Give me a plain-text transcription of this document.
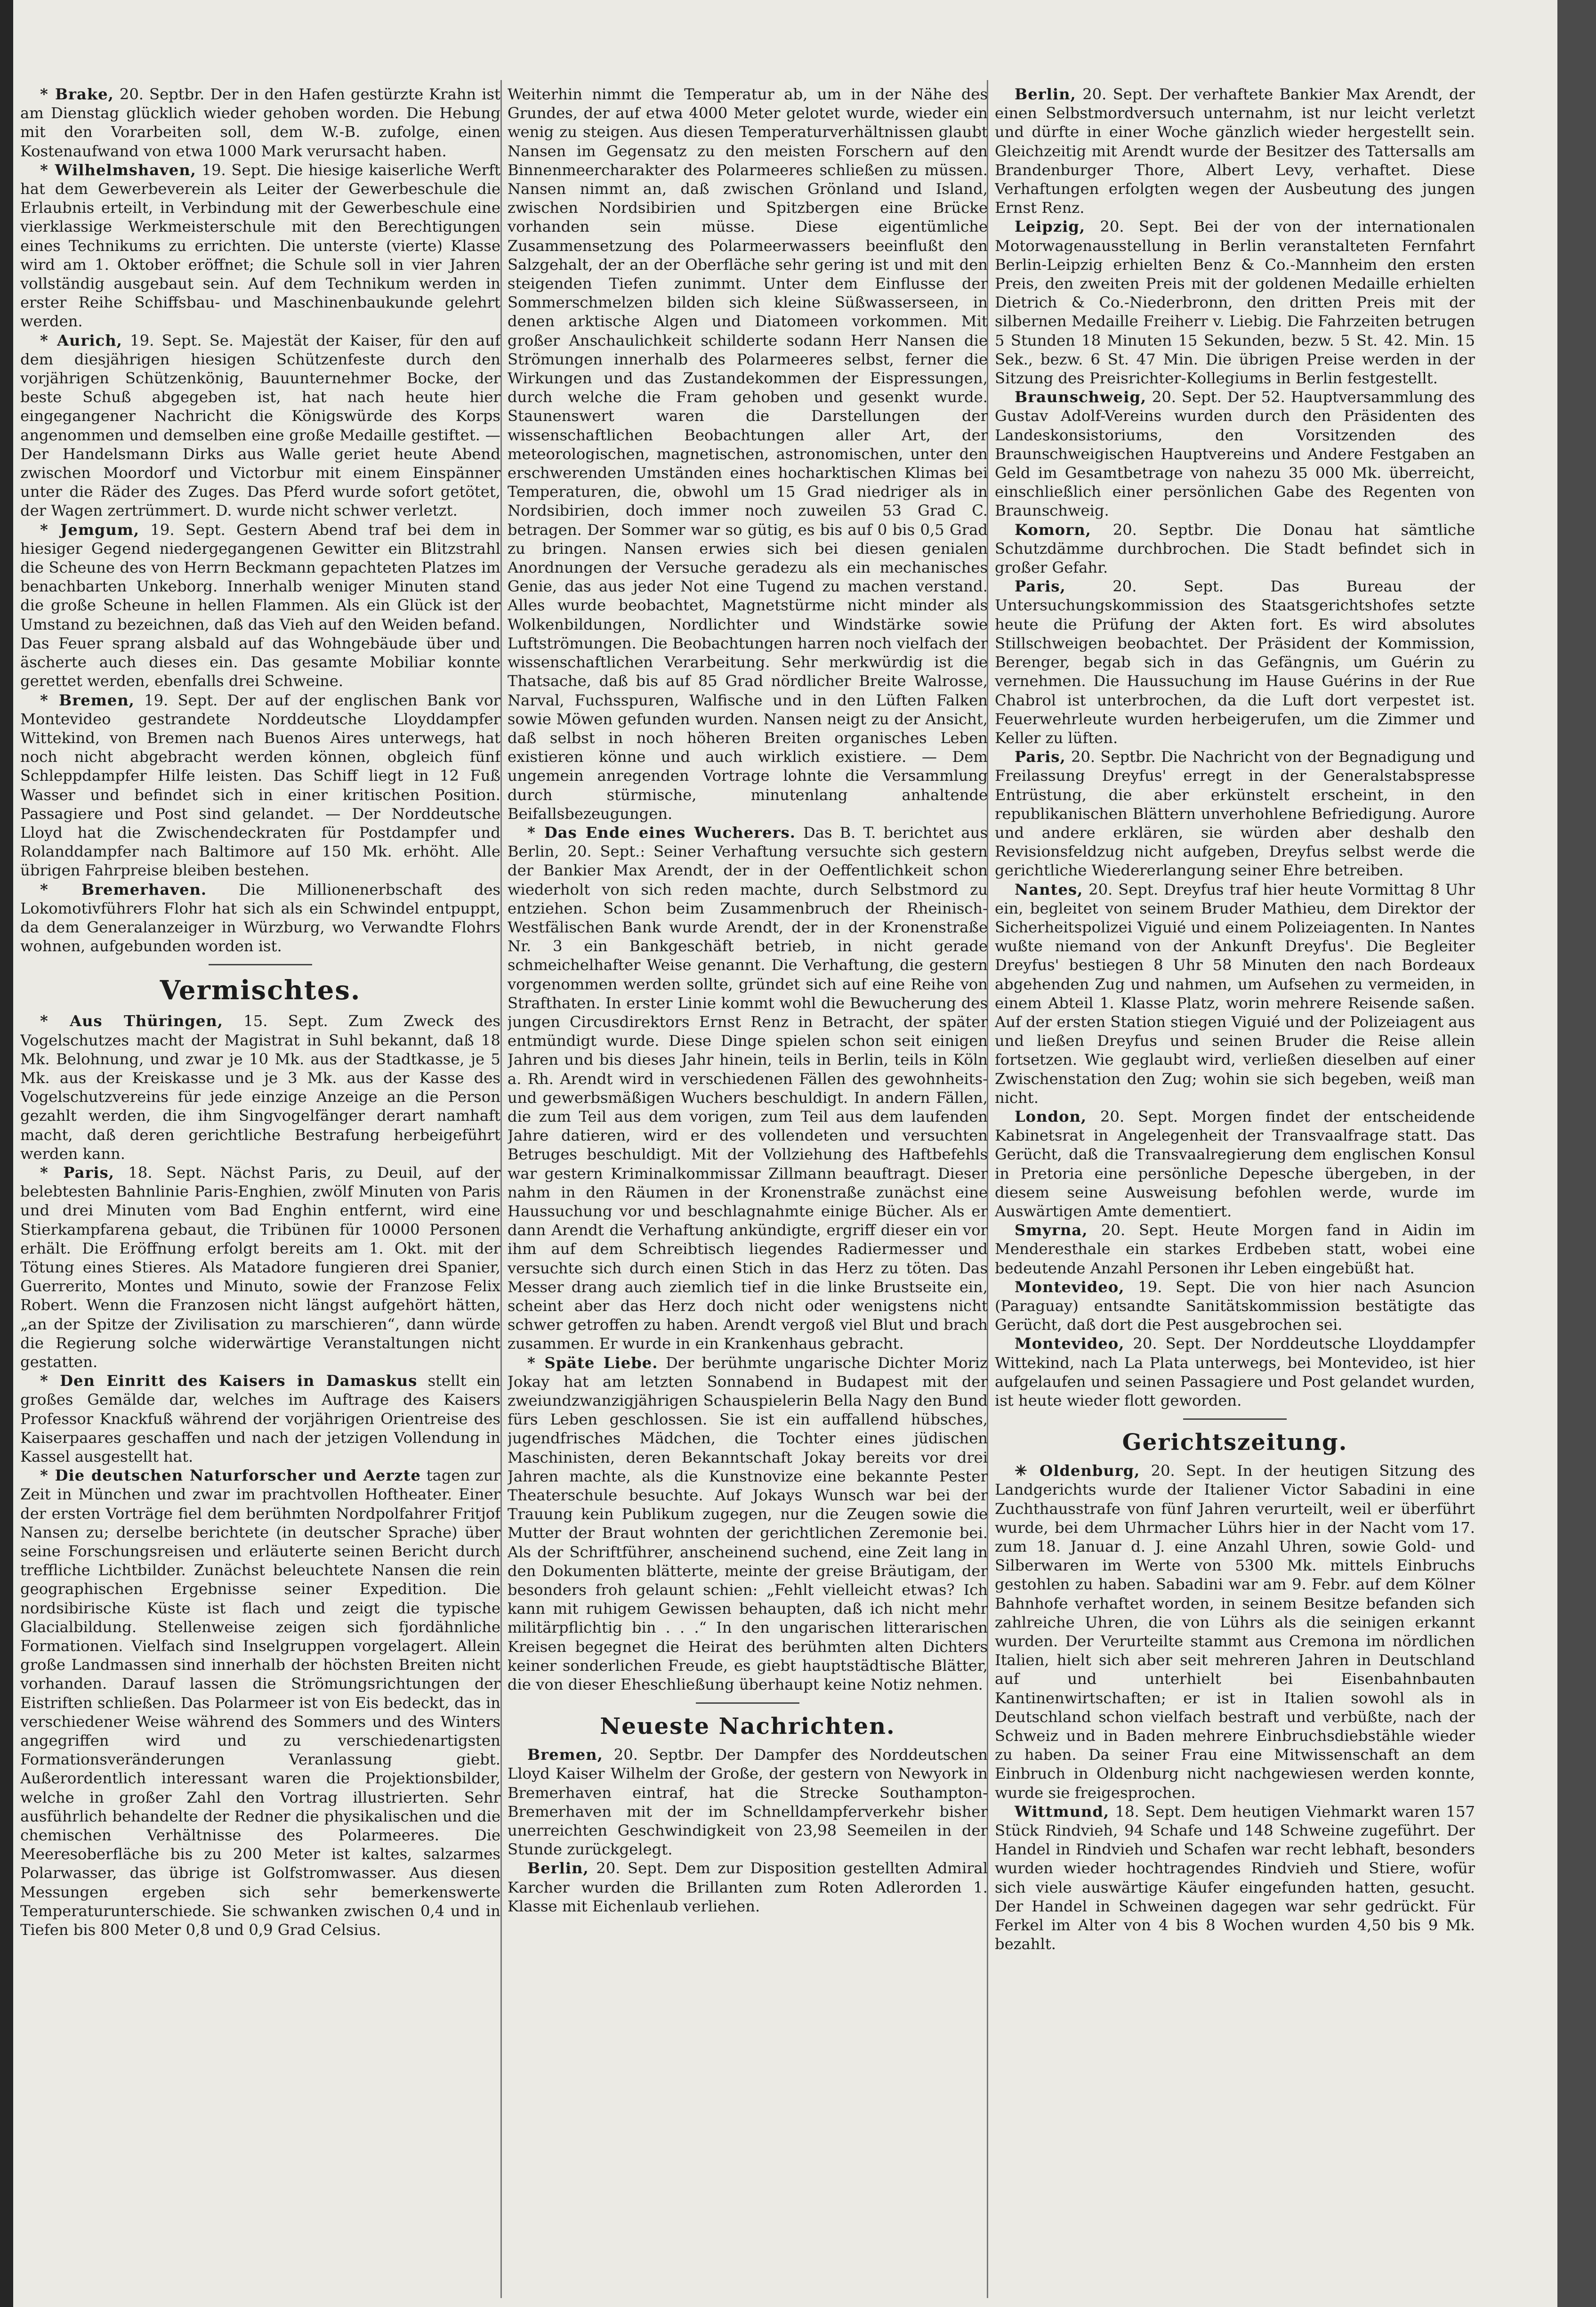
* Brake, 20. Septbr. Der in den Hafen gestürzte Krahn ist am Dienstag glücklich wieder gehoben worden. Die Hebung mit den Vorarbeiten soll, dem W.-B. zufolge, einen Kostenaufwand von etwa 1000 Mark verursacht haben.

* Wilhelmshaven, 19. Sept. Die hiesige kaiserliche Werft hat dem Gewerbeverein als Leiter der Gewerbeschule die Erlaubnis erteilt, in Verbindung mit der Gewerbeschule eine vierklassige Werkmeisterschule mit den Berechtigungen eines Technikums zu errichten. Die unterste (vierte) Klasse wird am 1. Oktober eröffnet; die Schule soll in vier Jahren vollständig ausgebaut sein. Auf dem Technikum werden in erster Reihe Schiffsbau- und Maschinenbaukunde gelehrt werden.

* Aurich, 19. Sept. Se. Majestät der Kaiser, für den auf dem diesjährigen hiesigen Schützenfeste durch den vorjährigen Schützenkönig, Bauunternehmer Bocke, der beste Schuß abgegeben ist, hat nach heute hier eingegangener Nachricht die Königswürde des Korps angenommen und demselben eine große Medaille gestiftet. — Der Handelsmann Dirks aus Walle geriet heute Abend zwischen Moordorf und Victorbur mit einem Einspänner unter die Räder des Zuges. Das Pferd wurde sofort getötet, der Wagen zertrümmert. D. wurde nicht schwer verletzt.

* Jemgum, 19. Sept. Gestern Abend traf bei dem in hiesiger Gegend niedergegangenen Gewitter ein Blitzstrahl die Scheune des von Herrn Beckmann gepachteten Platzes im benachbarten Unkeborg. Innerhalb weniger Minuten stand die große Scheune in hellen Flammen. Als ein Glück ist der Umstand zu bezeichnen, daß das Vieh auf den Weiden befand. Das Feuer sprang alsbald auf das Wohngebäude über und äscherte auch dieses ein. Das gesamte Mobiliar konnte gerettet werden, ebenfalls drei Schweine.

* Bremen, 19. Sept. Der auf der englischen Bank vor Montevideo gestrandete Norddeutsche Lloyddampfer Wittekind, von Bremen nach Buenos Aires unterwegs, hat noch nicht abgebracht werden können, obgleich fünf Schleppdampfer Hilfe leisten. Das Schiff liegt in 12 Fuß Wasser und befindet sich in einer kritischen Position. Passagiere und Post sind gelandet. — Der Norddeutsche Lloyd hat die Zwischendeckraten für Postdampfer und Rolanddampfer nach Baltimore auf 150 Mk. erhöht. Alle übrigen Fahrpreise bleiben bestehen.

* Bremerhaven. Die Millionenerbschaft des Lokomotivführers Flohr hat sich als ein Schwindel entpuppt, da dem Generalanzeiger in Würzburg, wo Verwandte Flohrs wohnen, aufgebunden worden ist.

Vermischtes.

* Aus Thüringen, 15. Sept. Zum Zweck des Vogelschutzes macht der Magistrat in Suhl bekannt, daß 18 Mk. Belohnung, und zwar je 10 Mk. aus der Stadtkasse, je 5 Mk. aus der Kreiskasse und je 3 Mk. aus der Kasse des Vogelschutzvereins für jede einzige Anzeige an die Person gezahlt werden, die ihm Singvogelfänger derart namhaft macht, daß deren gerichtliche Bestrafung herbeigeführt werden kann.

* Paris, 18. Sept. Nächst Paris, zu Deuil, auf der belebtesten Bahnlinie Paris-Enghien, zwölf Minuten von Paris und drei Minuten vom Bad Enghin entfernt, wird eine Stierkampfarena gebaut, die Tribünen für 10000 Personen erhält. Die Eröffnung erfolgt bereits am 1. Okt. mit der Tötung eines Stieres. Als Matadore fungieren drei Spanier, Guerrerito, Montes und Minuto, sowie der Franzose Felix Robert. Wenn die Franzosen nicht längst aufgehört hätten, „an der Spitze der Zivilisation zu marschieren“, dann würde die Regierung solche widerwärtige Veranstaltungen nicht gestatten.

* Den Einritt des Kaisers in Damaskus stellt ein großes Gemälde dar, welches im Auftrage des Kaisers Professor Knackfuß während der vorjährigen Orientreise des Kaiserpaares geschaffen und nach der jetzigen Vollendung in Kassel ausgestellt hat.

* Die deutschen Naturforscher und Aerzte tagen zur Zeit in München und zwar im prachtvollen Hoftheater. Einer der ersten Vorträge fiel dem berühmten Nordpolfahrer Fritjof Nansen zu; derselbe berichtete (in deutscher Sprache) über seine Forschungsreisen und erläuterte seinen Bericht durch treffliche Lichtbilder. Zunächst beleuchtete Nansen die rein geographischen Ergebnisse seiner Expedition. Die nordsibirische Küste ist flach und zeigt die typische Glacialbildung. Stellenweise zeigen sich fjordähnliche Formationen. Vielfach sind Inselgruppen vorgelagert. Allein große Landmassen sind innerhalb der höchsten Breiten nicht vorhanden. Darauf lassen die Strömungsrichtungen der Eistriften schließen. Das Polarmeer ist von Eis bedeckt, das in verschiedener Weise während des Sommers und des Winters angegriffen wird und zu verschiedenartigsten Formationsveränderungen Veranlassung giebt. Außerordentlich interessant waren die Projektionsbilder, welche in großer Zahl den Vortrag illustrierten. Sehr ausführlich behandelte der Redner die physikalischen und die chemischen Verhältnisse des Polarmeeres. Die Meeresoberfläche bis zu 200 Meter ist kaltes, salzarmes Polarwasser, das übrige ist Golfstromwasser. Aus diesen Messungen ergeben sich sehr bemerkenswerte Temperaturunterschiede. Sie schwanken zwischen 0,4 und in Tiefen bis 800 Meter 0,8 und 0,9 Grad Celsius.

Weiterhin nimmt die Temperatur ab, um in der Nähe des Grundes, der auf etwa 4000 Meter gelotet wurde, wieder ein wenig zu steigen. Aus diesen Temperaturverhältnissen glaubt Nansen im Gegensatz zu den meisten Forschern auf den Binnenmeercharakter des Polarmeeres schließen zu müssen. Nansen nimmt an, daß zwischen Grönland und Island, zwischen Nordsibirien und Spitzbergen eine Brücke vorhanden sein müsse. Diese eigentümliche Zusammensetzung des Polarmeerwassers beeinflußt den Salzgehalt, der an der Oberfläche sehr gering ist und mit den steigenden Tiefen zunimmt. Unter dem Einflusse der Sommerschmelzen bilden sich kleine Süßwasserseen, in denen arktische Algen und Diatomeen vorkommen. Mit großer Anschaulichkeit schilderte sodann Herr Nansen die Strömungen innerhalb des Polarmeeres selbst, ferner die Wirkungen und das Zustandekommen der Eispressungen, durch welche die Fram gehoben und gesenkt wurde. Staunenswert waren die Darstellungen der wissenschaftlichen Beobachtungen aller Art, der meteorologischen, magnetischen, astronomischen, unter den erschwerenden Umständen eines hocharktischen Klimas bei Temperaturen, die, obwohl um 15 Grad niedriger als in Nordsibirien, doch immer noch zuweilen 53 Grad C. betragen. Der Sommer war so gütig, es bis auf 0 bis 0,5 Grad zu bringen. Nansen erwies sich bei diesen genialen Anordnungen der Versuche geradezu als ein mechanisches Genie, das aus jeder Not eine Tugend zu machen verstand. Alles wurde beobachtet, Magnetstürme nicht minder als Wolkenbildungen, Nordlichter und Windstärke sowie Luftströmungen. Die Beobachtungen harren noch vielfach der wissenschaftlichen Verarbeitung. Sehr merkwürdig ist die Thatsache, daß bis auf 85 Grad nördlicher Breite Walrosse, Narval, Fuchsspuren, Walfische und in den Lüften Falken sowie Möwen gefunden wurden. Nansen neigt zu der Ansicht, daß selbst in noch höheren Breiten organisches Leben existieren könne und auch wirklich existiere. — Dem ungemein anregenden Vortrage lohnte die Versammlung durch stürmische, minutenlang anhaltende Beifallsbezeugungen.

* Das Ende eines Wucherers. Das B. T. berichtet aus Berlin, 20. Sept.: Seiner Verhaftung versuchte sich gestern der Bankier Max Arendt, der in der Oeffentlichkeit schon wiederholt von sich reden machte, durch Selbstmord zu entziehen. Schon beim Zusammenbruch der Rheinisch-Westfälischen Bank wurde Arendt, der in der Kronenstraße Nr. 3 ein Bankgeschäft betrieb, in nicht gerade schmeichelhafter Weise genannt. Die Verhaftung, die gestern vorgenommen werden sollte, gründet sich auf eine Reihe von Strafthaten. In erster Linie kommt wohl die Bewucherung des jungen Circusdirektors Ernst Renz in Betracht, der später entmündigt wurde. Diese Dinge spielen schon seit einigen Jahren und bis dieses Jahr hinein, teils in Berlin, teils in Köln a. Rh. Arendt wird in verschiedenen Fällen des gewohnheits- und gewerbsmäßigen Wuchers beschuldigt. In andern Fällen, die zum Teil aus dem vorigen, zum Teil aus dem laufenden Jahre datieren, wird er des vollendeten und versuchten Betruges beschuldigt. Mit der Vollziehung des Haftbefehls war gestern Kriminalkommissar Zillmann beauftragt. Dieser nahm in den Räumen in der Kronenstraße zunächst eine Haussuchung vor und beschlagnahmte einige Bücher. Als er dann Arendt die Verhaftung ankündigte, ergriff dieser ein vor ihm auf dem Schreibtisch liegendes Radiermesser und versuchte sich durch einen Stich in das Herz zu töten. Das Messer drang auch ziemlich tief in die linke Brustseite ein, scheint aber das Herz doch nicht oder wenigstens nicht schwer getroffen zu haben. Arendt vergoß viel Blut und brach zusammen. Er wurde in ein Krankenhaus gebracht.

* Späte Liebe. Der berühmte ungarische Dichter Moriz Jokay hat am letzten Sonnabend in Budapest mit der zweiundzwanzigjährigen Schauspielerin Bella Nagy den Bund fürs Leben geschlossen. Sie ist ein auffallend hübsches, jugendfrisches Mädchen, die Tochter eines jüdischen Maschinisten, deren Bekanntschaft Jokay bereits vor drei Jahren machte, als die Kunstnovize eine bekannte Pester Theaterschule besuchte. Auf Jokays Wunsch war bei der Trauung kein Publikum zugegen, nur die Zeugen sowie die Mutter der Braut wohnten der gerichtlichen Zeremonie bei. Als der Schriftführer, anscheinend suchend, eine Zeit lang in den Dokumenten blätterte, meinte der greise Bräutigam, der besonders froh gelaunt schien: „Fehlt vielleicht etwas? Ich kann mit ruhigem Gewissen behaupten, daß ich nicht mehr militärpflichtig bin . . .“ In den ungarischen litterarischen Kreisen begegnet die Heirat des berühmten alten Dichters keiner sonderlichen Freude, es giebt hauptstädtische Blätter, die von dieser Eheschließung überhaupt keine Notiz nehmen.

Neueste Nachrichten.

Bremen, 20. Septbr. Der Dampfer des Norddeutschen Lloyd Kaiser Wilhelm der Große, der gestern von Newyork in Bremerhaven eintraf, hat die Strecke Southampton-Bremerhaven mit der im Schnelldampferverkehr bisher unerreichten Geschwindigkeit von 23,98 Seemeilen in der Stunde zurückgelegt.

Berlin, 20. Sept. Dem zur Disposition gestellten Admiral Karcher wurden die Brillanten zum Roten Adlerorden 1. Klasse mit Eichenlaub verliehen.

Berlin, 20. Sept. Der verhaftete Bankier Max Arendt, der einen Selbstmordversuch unternahm, ist nur leicht verletzt und dürfte in einer Woche gänzlich wieder hergestellt sein. Gleichzeitig mit Arendt wurde der Besitzer des Tattersalls am Brandenburger Thore, Albert Levy, verhaftet. Diese Verhaftungen erfolgten wegen der Ausbeutung des jungen Ernst Renz.

Leipzig, 20. Sept. Bei der von der internationalen Motorwagenausstellung in Berlin veranstalteten Fernfahrt Berlin-Leipzig erhielten Benz & Co.-Mannheim den ersten Preis, den zweiten Preis mit der goldenen Medaille erhielten Dietrich & Co.-Niederbronn, den dritten Preis mit der silbernen Medaille Freiherr v. Liebig. Die Fahrzeiten betrugen 5 Stunden 18 Minuten 15 Sekunden, bezw. 5 St. 42. Min. 15 Sek., bezw. 6 St. 47 Min. Die übrigen Preise werden in der Sitzung des Preisrichter-Kollegiums in Berlin festgestellt.

Braunschweig, 20. Sept. Der 52. Hauptversammlung des Gustav Adolf-Vereins wurden durch den Präsidenten des Landeskonsistoriums, den Vorsitzenden des Braunschweigischen Hauptvereins und Andere Festgaben an Geld im Gesamtbetrage von nahezu 35 000 Mk. überreicht, einschließlich einer persönlichen Gabe des Regenten von Braunschweig.

Komorn, 20. Septbr. Die Donau hat sämtliche Schutzdämme durchbrochen. Die Stadt befindet sich in großer Gefahr.

Paris, 20. Sept. Das Bureau der Untersuchungskommission des Staatsgerichtshofes setzte heute die Prüfung der Akten fort. Es wird absolutes Stillschweigen beobachtet. Der Präsident der Kommission, Berenger, begab sich in das Gefängnis, um Guérin zu vernehmen. Die Haussuchung im Hause Guérins in der Rue Chabrol ist unterbrochen, da die Luft dort verpestet ist. Feuerwehrleute wurden herbeigerufen, um die Zimmer und Keller zu lüften.

Paris, 20. Septbr. Die Nachricht von der Begnadigung und Freilassung Dreyfus' erregt in der Generalstabspresse Entrüstung, die aber erkünstelt erscheint, in den republikanischen Blättern unverhohlene Befriedigung. Aurore und andere erklären, sie würden aber deshalb den Revisionsfeldzug nicht aufgeben, Dreyfus selbst werde die gerichtliche Wiedererlangung seiner Ehre betreiben.

Nantes, 20. Sept. Dreyfus traf hier heute Vormittag 8 Uhr ein, begleitet von seinem Bruder Mathieu, dem Direktor der Sicherheitspolizei Viguié und einem Polizeiagenten. In Nantes wußte niemand von der Ankunft Dreyfus'. Die Begleiter Dreyfus' bestiegen 8 Uhr 58 Minuten den nach Bordeaux abgehenden Zug und nahmen, um Aufsehen zu vermeiden, in einem Abteil 1. Klasse Platz, worin mehrere Reisende saßen. Auf der ersten Station stiegen Viguié und der Polizeiagent aus und ließen Dreyfus und seinen Bruder die Reise allein fortsetzen. Wie geglaubt wird, verließen dieselben auf einer Zwischenstation den Zug; wohin sie sich begeben, weiß man nicht.

London, 20. Sept. Morgen findet der entscheidende Kabinetsrat in Angelegenheit der Transvaalfrage statt. Das Gerücht, daß die Transvaalregierung dem englischen Konsul in Pretoria eine persönliche Depesche übergeben, in der diesem seine Ausweisung befohlen werde, wurde im Auswärtigen Amte dementiert.

Smyrna, 20. Sept. Heute Morgen fand in Aidin im Menderesthale ein starkes Erdbeben statt, wobei eine bedeutende Anzahl Personen ihr Leben eingebüßt hat.

Montevideo, 19. Sept. Die von hier nach Asuncion (Paraguay) entsandte Sanitätskommission bestätigte das Gerücht, daß dort die Pest ausgebrochen sei.

Montevideo, 20. Sept. Der Norddeutsche Lloyddampfer Wittekind, nach La Plata unterwegs, bei Montevideo, ist hier aufgelaufen und seinen Passagiere und Post gelandet wurden, ist heute wieder flott geworden.

Gerichtszeitung.

✳ Oldenburg, 20. Sept. In der heutigen Sitzung des Landgerichts wurde der Italiener Victor Sabadini in eine Zuchthausstrafe von fünf Jahren verurteilt, weil er überführt wurde, bei dem Uhrmacher Lührs hier in der Nacht vom 17. zum 18. Januar d. J. eine Anzahl Uhren, sowie Gold- und Silberwaren im Werte von 5300 Mk. mittels Einbruchs gestohlen zu haben. Sabadini war am 9. Febr. auf dem Kölner Bahnhofe verhaftet worden, in seinem Besitze befanden sich zahlreiche Uhren, die von Lührs als die seinigen erkannt wurden. Der Verurteilte stammt aus Cremona im nördlichen Italien, hielt sich aber seit mehreren Jahren in Deutschland auf und unterhielt bei Eisenbahnbauten Kantinenwirtschaften; er ist in Italien sowohl als in Deutschland schon vielfach bestraft und verbüßte, nach der Schweiz und in Baden mehrere Einbruchsdiebstähle wieder zu haben. Da seiner Frau eine Mitwissenschaft an dem Einbruch in Oldenburg nicht nachgewiesen werden konnte, wurde sie freigesprochen.

Wittmund, 18. Sept. Dem heutigen Viehmarkt waren 157 Stück Rindvieh, 94 Schafe und 148 Schweine zugeführt. Der Handel in Rindvieh und Schafen war recht lebhaft, besonders wurden wieder hochtragendes Rindvieh und Stiere, wofür sich viele auswärtige Käufer eingefunden hatten, gesucht. Der Handel in Schweinen dagegen war sehr gedrückt. Für Ferkel im Alter von 4 bis 8 Wochen wurden 4,50 bis 9 Mk. bezahlt.
